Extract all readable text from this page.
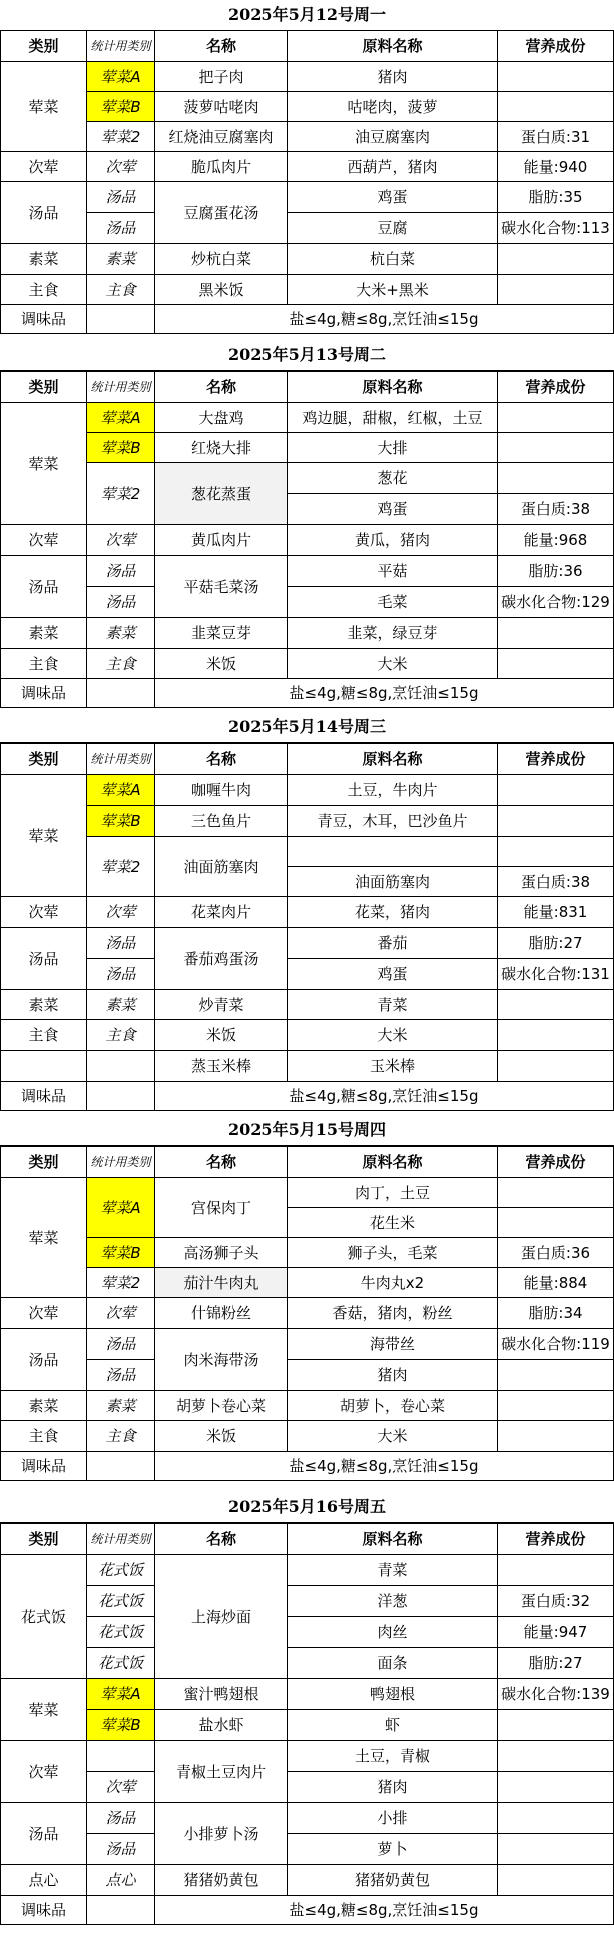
2025年5月12号周一
类别	统计用类别	名称	原料名称	营养成份
荤菜	荤菜A	把子肉	猪肉	
	荤菜B	菠萝咕咾肉	咕咾肉，菠萝	
	荤菜2	红烧油豆腐塞肉	油豆腐塞肉	蛋白质:31
次荤	次荤	脆瓜肉片	西葫芦，猪肉	能量:940
汤品	汤品	豆腐蛋花汤	鸡蛋	脂肪:35
	汤品		豆腐	碳水化合物:113
素菜	素菜	炒杭白菜	杭白菜	
主食	主食	黑米饭	大米+黑米	
调味品		盐≤4g,糖≤8g,烹饪油≤15g		
2025年5月13号周二
类别	统计用类别	名称	原料名称	营养成份
荤菜	荤菜A	大盘鸡	鸡边腿，甜椒，红椒，土豆	
	荤菜B	红烧大排	大排	
	荤菜2	葱花蒸蛋	葱花	
			鸡蛋	蛋白质:38
次荤	次荤	黄瓜肉片	黄瓜，猪肉	能量:968
汤品	汤品	平菇毛菜汤	平菇	脂肪:36
	汤品		毛菜	碳水化合物:129
素菜	素菜	韭菜豆芽	韭菜，绿豆芽	
主食	主食	米饭	大米	
调味品		盐≤4g,糖≤8g,烹饪油≤15g		
2025年5月14号周三
类别	统计用类别	名称	原料名称	营养成份
荤菜	荤菜A	咖喱牛肉	土豆，牛肉片	
	荤菜B	三色鱼片	青豆，木耳，巴沙鱼片	
	荤菜2	油面筋塞肉		
			油面筋塞肉	蛋白质:38
次荤	次荤	花菜肉片	花菜，猪肉	能量:831
汤品	汤品	番茄鸡蛋汤	番茄	脂肪:27
	汤品		鸡蛋	碳水化合物:131
素菜	素菜	炒青菜	青菜	
主食	主食	米饭	大米	
		蒸玉米棒	玉米棒	
调味品		盐≤4g,糖≤8g,烹饪油≤15g		
2025年5月15号周四
类别	统计用类别	名称	原料名称	营养成份
荤菜	荤菜A	宫保肉丁	肉丁，土豆	
			花生米	
	荤菜B	高汤狮子头	狮子头，毛菜	蛋白质:36
	荤菜2	茄汁牛肉丸	牛肉丸x2	能量:884
次荤	次荤	什锦粉丝	香菇，猪肉，粉丝	脂肪:34
汤品	汤品	肉米海带汤	海带丝	碳水化合物:119
	汤品		猪肉	
素菜	素菜	胡萝卜卷心菜	胡萝卜，卷心菜	
主食	主食	米饭	大米	
调味品		盐≤4g,糖≤8g,烹饪油≤15g		
2025年5月16号周五
类别	统计用类别	名称	原料名称	营养成份
花式饭	花式饭	上海炒面	青菜	
	花式饭		洋葱	蛋白质:32
	花式饭		肉丝	能量:947
	花式饭		面条	脂肪:27
荤菜	荤菜A	蜜汁鸭翅根	鸭翅根	碳水化合物:139
	荤菜B	盐水虾	虾	
次荤		青椒土豆肉片	土豆，青椒	
	次荤		猪肉	
汤品	汤品	小排萝卜汤	小排	
	汤品		萝卜	
点心	点心	猪猪奶黄包	猪猪奶黄包	
调味品		盐≤4g,糖≤8g,烹饪油≤15g		
